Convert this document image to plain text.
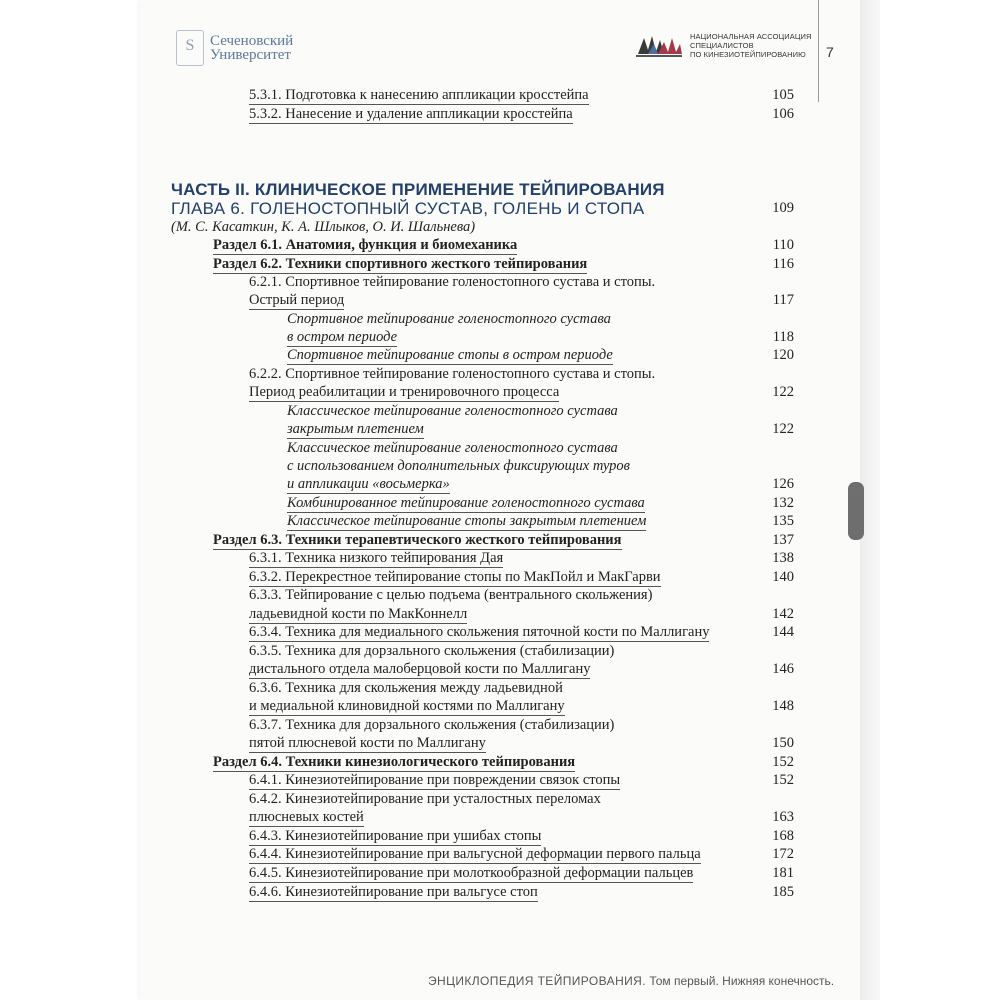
S	Сеченовский
Университет
НАЦИОНАЛЬНАЯ АССОЦИАЦИЯ
СПЕЦИАЛИСТОВ
ПО КИНЕЗИОТЕЙПИРОВАНИЮ	7
5.3.1. Подготовка к нанесению аппликации кросстейпа	105
5.3.2. Нанесение и удаление аппликации кросстейпа	106
ЧАСТЬ II. КЛИНИЧЕСКОЕ ПРИМЕНЕНИЕ ТЕЙПИРОВАНИЯ
ГЛАВА 6. ГОЛЕНОСТОПНЫЙ СУСТАВ, ГОЛЕНЬ И СТОПА	109
(М. С. Касаткин, К. А. Шлыков, О. И. Шальнева)
Раздел 6.1. Анатомия, функция и биомеханика	110
Раздел 6.2. Техники спортивного жесткого тейпирования	116
6.2.1. Спортивное тейпирование голеностопного сустава и стопы.
Острый период	117
Спортивное тейпирование голеностопного сустава
в остром периоде	118
Спортивное тейпирование стопы в остром периоде	120
6.2.2. Спортивное тейпирование голеностопного сустава и стопы.
Период реабилитации и тренировочного процесса	122
Классическое тейпирование голеностопного сустава
закрытым плетением	122
Классическое тейпирование голеностопного сустава
с использованием дополнительных фиксирующих туров
и аппликации «восьмерка»	126
Комбинированное тейпирование голеностопного сустава	132
Классическое тейпирование стопы закрытым плетением	135
Раздел 6.3. Техники терапевтического жесткого тейпирования	137
6.3.1. Техника низкого тейпирования Дая	138
6.3.2. Перекрестное тейпирование стопы по МакПойл и МакГарви	140
6.3.3. Тейпирование с целью подъема (вентрального скольжения)
ладьевидной кости по МакКоннелл	142
6.3.4. Техника для медиального скольжения пяточной кости по Маллигану	144
6.3.5. Техника для дорзального скольжения (стабилизации)
дистального отдела малоберцовой кости по Маллигану	146
6.3.6. Техника для скольжения между ладьевидной
и медиальной клиновидной костями по Маллигану	148
6.3.7. Техника для дорзального скольжения (стабилизации)
пятой плюсневой кости по Маллигану	150
Раздел 6.4. Техники кинезиологического тейпирования	152
6.4.1. Кинезиотейпирование при повреждении связок стопы	152
6.4.2. Кинезиотейпирование при усталостных переломах
плюсневых костей	163
6.4.3. Кинезиотейпирование при ушибах стопы	168
6.4.4. Кинезиотейпирование при вальгусной деформации первого пальца	172
6.4.5. Кинезиотейпирование при молоткообразной деформации пальцев	181
6.4.6. Кинезиотейпирование при вальгусе стоп	185
ЭНЦИКЛОПЕДИЯ ТЕЙПИРОВАНИЯ. Том первый. Нижняя конечность.
